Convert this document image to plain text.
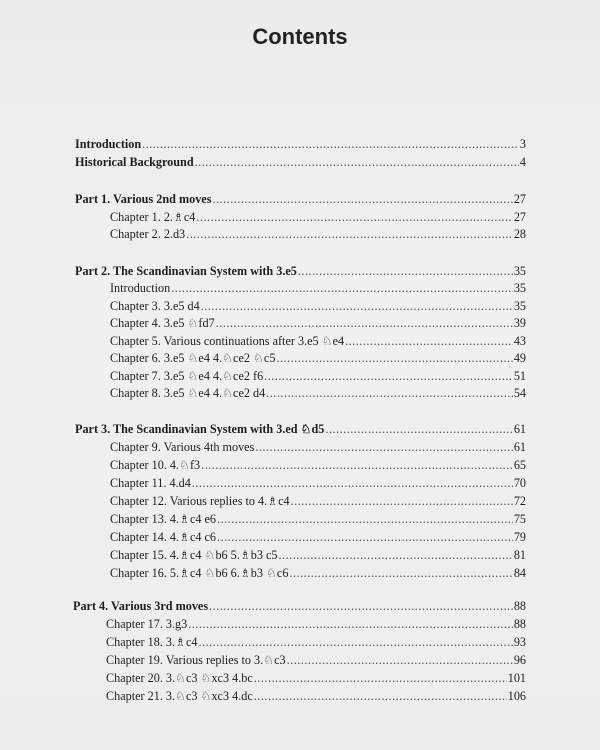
Contents
Introduction .....	3
Historical Background .....	4
Part 1. Various 2nd moves .....	27
Chapter 1. 2.♗c4 .....	27
Chapter 2. 2.d3 .....	28
Part 2. The Scandinavian System with 3.e5 .....	35
Introduction .....	35
Chapter 3. 3.e5 d4 .....	35
Chapter 4. 3.e5 ♘fd7 .....	39
Chapter 5. Various continuations after 3.e5 ♘e4 .....	43
Chapter 6. 3.e5 ♘e4 4.♘ce2 ♘c5 .....	49
Chapter 7. 3.e5 ♘e4 4.♘ce2 f6 .....	51
Chapter 8. 3.e5 ♘e4 4.♘ce2 d4 .....	54
Part 3. The Scandinavian System with 3.ed ♘d5 .....	61
Chapter 9. Various 4th moves .....	61
Chapter 10. 4.♘f3 .....	65
Chapter 11. 4.d4 .....	70
Chapter 12. Various replies to 4.♗c4 .....	72
Chapter 13. 4.♗c4 e6 .....	75
Chapter 14. 4.♗c4 c6 .....	79
Chapter 15. 4.♗c4 ♘b6 5.♗b3 c5 .....	81
Chapter 16. 5.♗c4 ♘b6 6.♗b3 ♘c6 .....	84
Part 4. Various 3rd moves .....	88
Chapter 17. 3.g3 .....	88
Chapter 18. 3.♗c4 .....	93
Chapter 19. Various replies to 3.♘c3 .....	96
Chapter 20. 3.♘c3 ♘xc3 4.bc .....	101
Chapter 21. 3.♘c3 ♘xc3 4.dc .....	106
